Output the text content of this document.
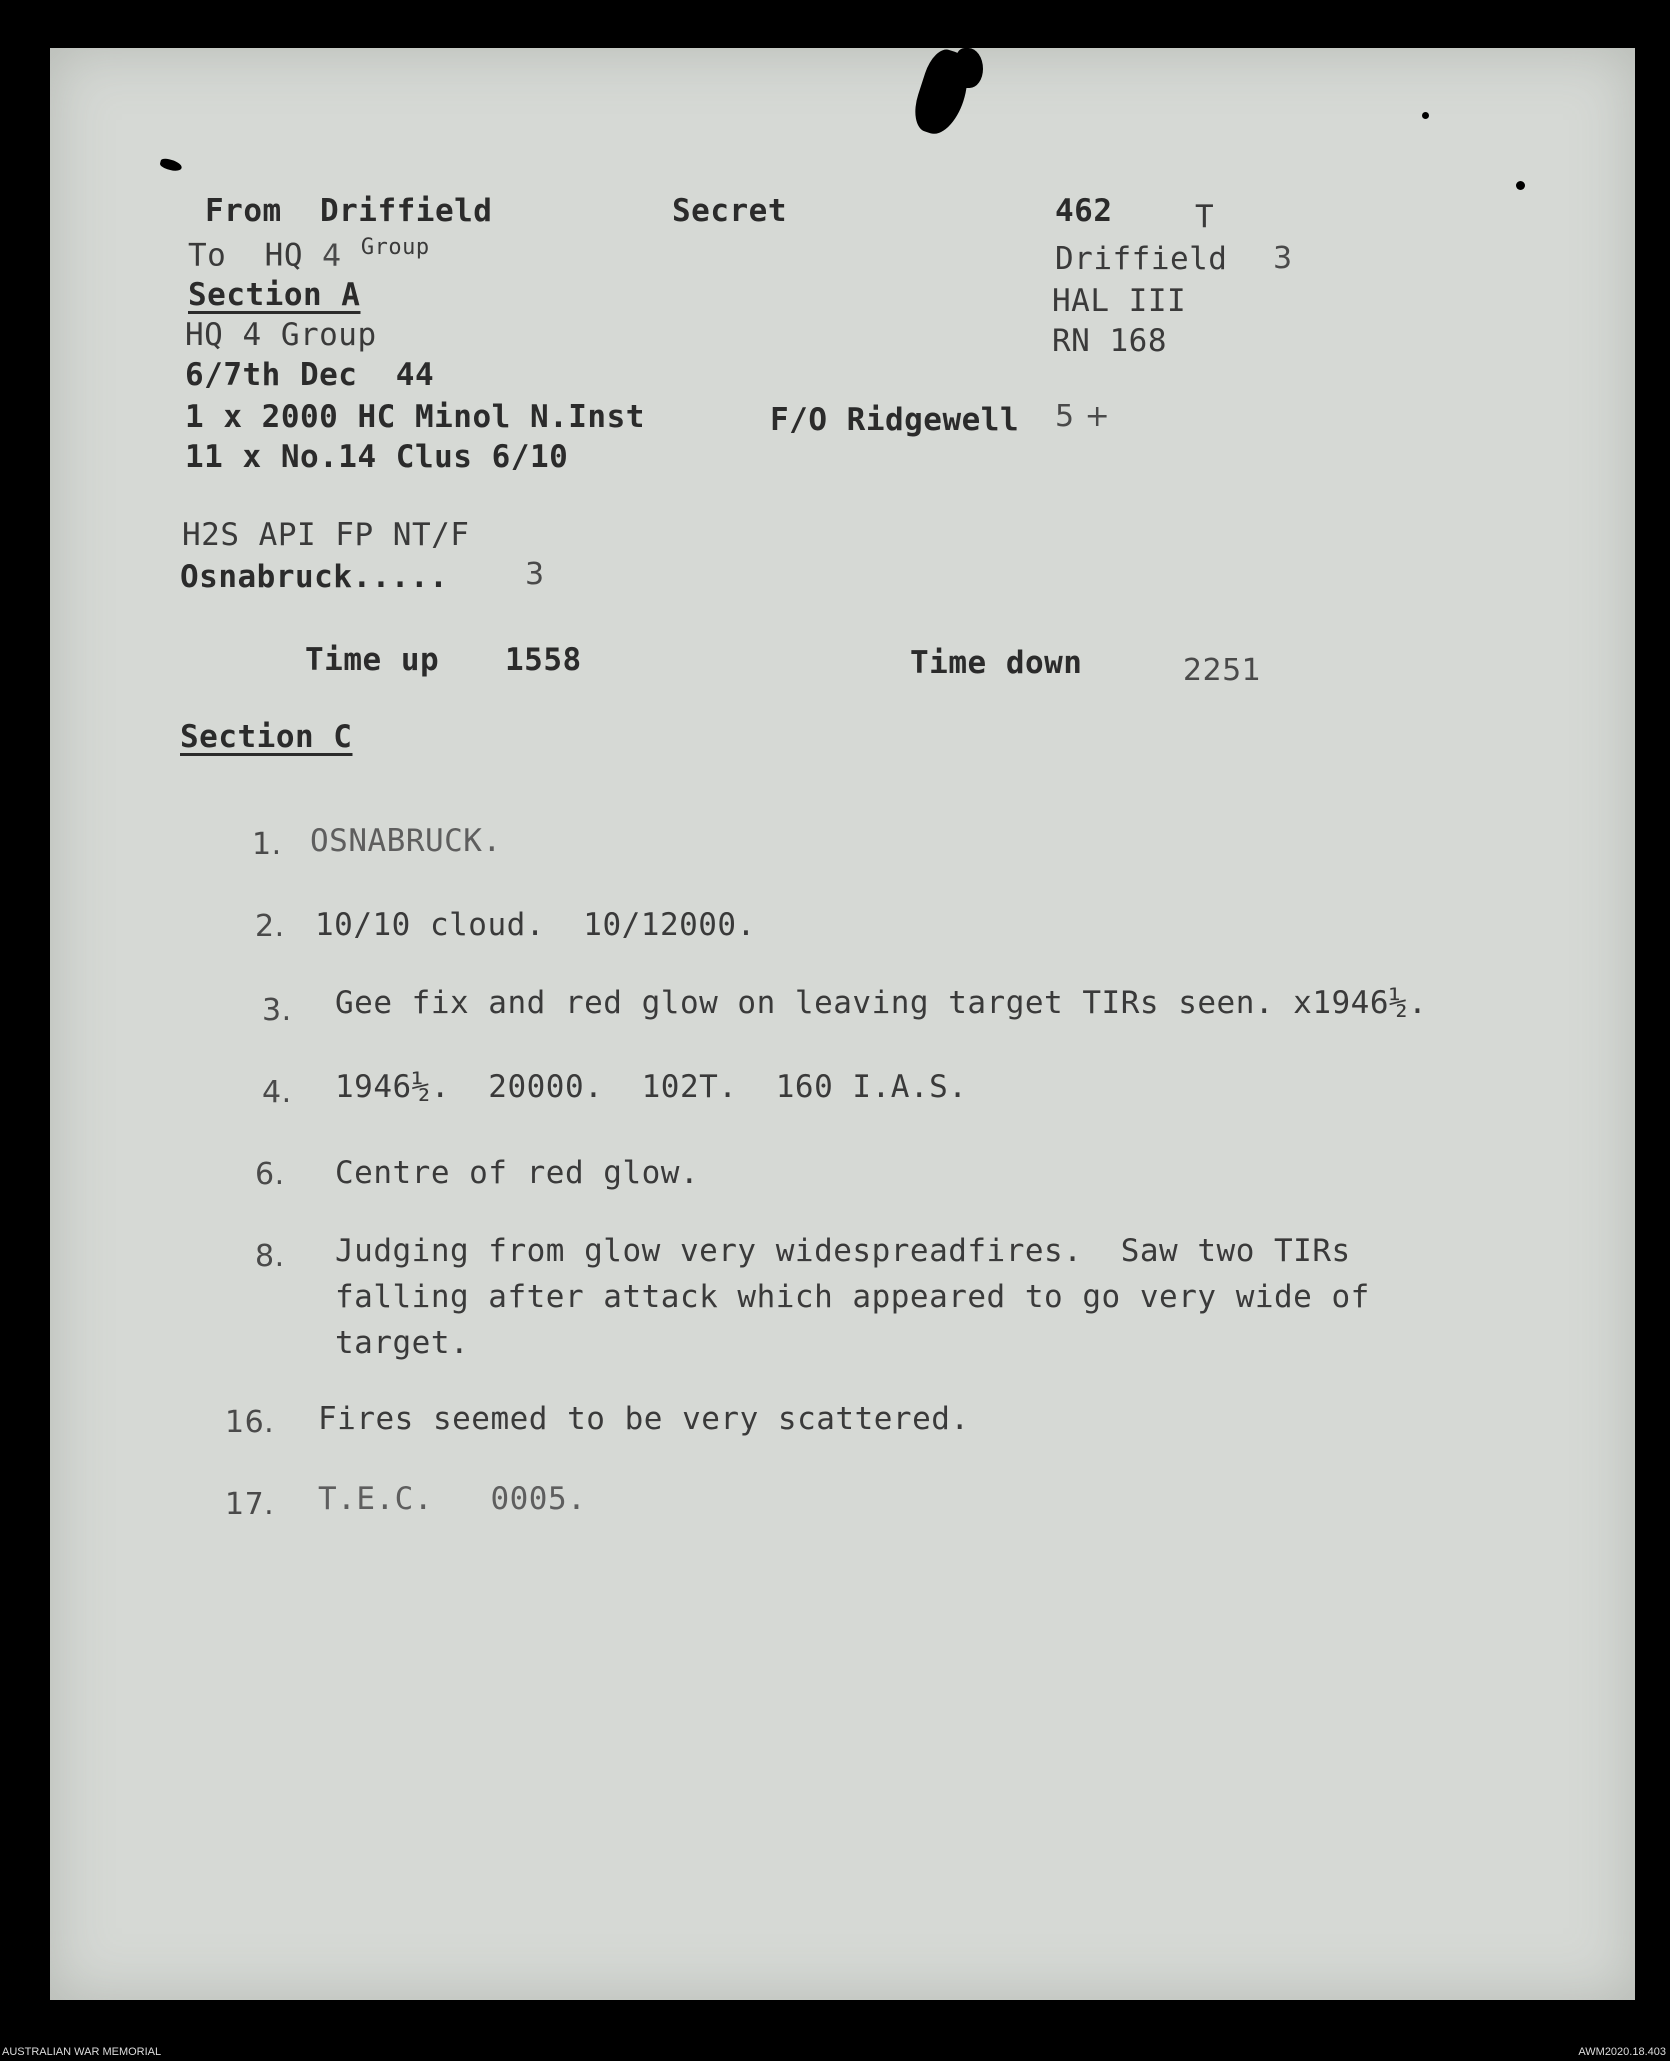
From  Driffield	Secret
To  HQ 4 $^{Group}$
Section A
HQ 4 Group
6/7th Dec  44
1 x 2000 HC Minol N.Inst
11 x No.14 Clus 6/10
H2S API FP NT/F
Osnabruck.....	3
Time up 1558	Time down	2251
462	T
Driffield 3
HAL III
RN 168
F/O Ridgewell 5 +
Section C
1. OSNABRUCK.
2. 10/10 cloud.  10/12000.
3. Gee fix and red glow on leaving target TIRs seen. x1946½.
4. 1946½.  20000.  102T.  160 I.A.S.
6. Centre of red glow.
8. Judging from glow very widespreadfires.  Saw two TIRs
falling after attack which appeared to go very wide of
target.
16. Fires seemed to be very scattered.
17. T.E.C.   0005.
AUSTRALIAN WAR MEMORIAL	AWM2020.18.403
